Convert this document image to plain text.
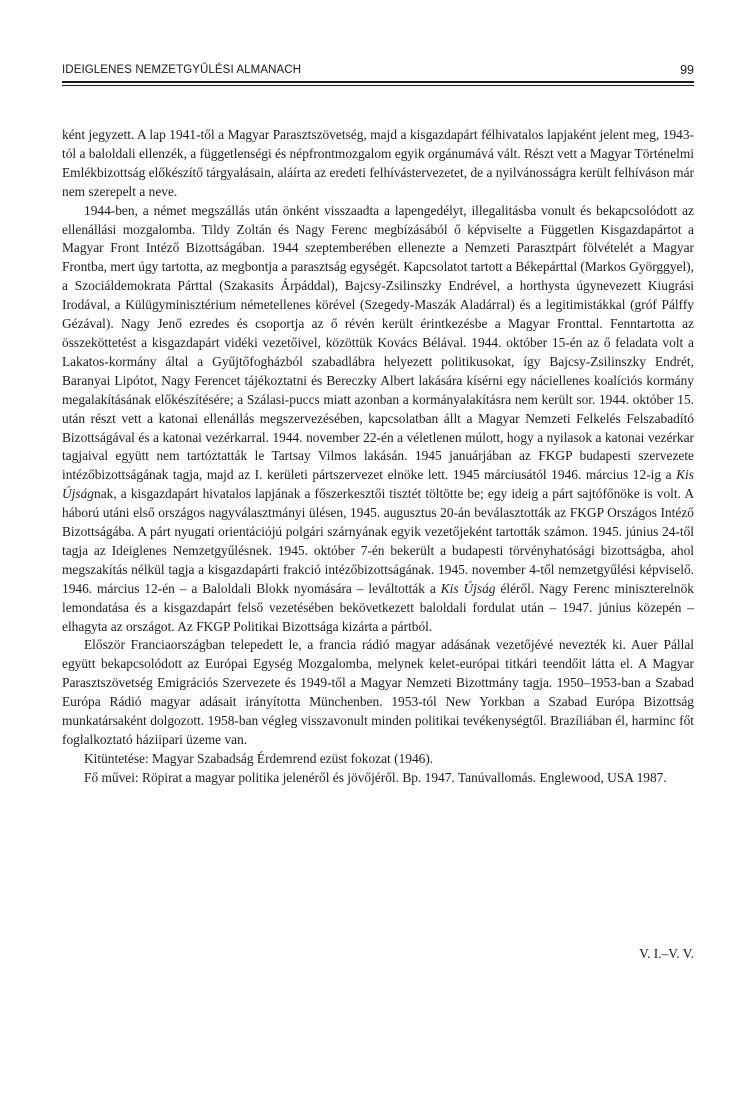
IDEIGLENES NEMZETGYŰLÉSI ALMANACH	99

ként jegyzett. A lap 1941-től a Magyar Parasztszövetség, majd a kisgazdapárt félhivatalos lapjaként jelent meg, 1943-tól a baloldali ellenzék, a függetlenségi és népfrontmozgalom egyik orgánumává vált. Részt vett a Magyar Történelmi Emlékbizottság előkészítő tárgyalásain, aláírta az eredeti felhívástervezetet, de a nyilvánosságra került felhíváson már nem szerepelt a neve.

1944-ben, a német megszállás után önként visszaadta a lapengedélyt, illegalitásba vonult és bekapcsolódott az ellenállási mozgalomba. Tildy Zoltán és Nagy Ferenc megbízásából ő képviselte a Független Kisgazdapártot a Magyar Front Intéző Bizottságában. 1944 szeptemberében ellenezte a Nemzeti Parasztpárt fölvételét a Magyar Frontba, mert úgy tartotta, az megbontja a parasztság egységét. Kapcsolatot tartott a Békepárttal (Markos Györggyel), a Szociáldemokrata Párttal (Szakasits Árpáddal), Bajcsy-Zsilinszky Endrével, a horthysta úgynevezett Kiugrási Irodával, a Külügyminisztérium németellenes körével (Szegedy-Maszák Aladárral) és a legitimistákkal (gróf Pálffy Gézával). Nagy Jenő ezredes és csoportja az ő révén került érintkezésbe a Magyar Fronttal. Fenntartotta az összeköttetést a kisgazdapárt vidéki vezetőivel, közöttük Kovács Bélával. 1944. október 15-én az ő feladata volt a Lakatos-kormány által a Gyűjtőfogházból szabadlábra helyezett politikusokat, így Bajcsy-Zsilinszky Endrét, Baranyai Lipótot, Nagy Ferencet tájékoztatni és Bereczky Albert lakására kísérni egy náciellenes koalíciós kormány megalakításának előkészítésére; a Szálasi-puccs miatt azonban a kormányalakításra nem került sor. 1944. október 15. után részt vett a katonai ellenállás megszervezésében, kapcsolatban állt a Magyar Nemzeti Felkelés Felszabadító Bizottságával és a katonai vezérkarral. 1944. november 22-én a véletlenen múlott, hogy a nyilasok a katonai vezérkar tagjaival együtt nem tartóztatták le Tartsay Vilmos lakásán. 1945 januárjában az FKGP budapesti szervezete intézőbizottságának tagja, majd az I. kerületi pártszervezet elnöke lett. 1945 márciusától 1946. március 12-ig a Kis Újságnak, a kisgazdapárt hivatalos lapjának a főszerkesztői tisztét töltötte be; egy ideig a párt sajtófőnöke is volt. A háború utáni első országos nagyválasztmányi ülésen, 1945. augusztus 20-án beválasztották az FKGP Országos Intéző Bizottságába. A párt nyugati orientációjú polgári szárnyának egyik vezetőjeként tartották számon. 1945. június 24-től tagja az Ideiglenes Nemzetgyűlésnek. 1945. október 7-én bekerült a budapesti törvényhatósági bizottságba, ahol megszakítás nélkül tagja a kisgazdapárti frakció intézőbizottságának. 1945. november 4-től nemzetgyűlési képviselő. 1946. március 12-én – a Baloldali Blokk nyomására – leváltották a Kis Újság éléről. Nagy Ferenc miniszterelnök lemondatása és a kisgazdapárt felső vezetésében bekövetkezett baloldali fordulat után – 1947. június közepén – elhagyta az országot. Az FKGP Politikai Bizottsága kizárta a pártból.

Először Franciaországban telepedett le, a francia rádió magyar adásának vezetőjévé nevezték ki. Auer Pállal együtt bekapcsolódott az Európai Egység Mozgalomba, melynek kelet-európai titkári teendőit látta el. A Magyar Parasztszövetség Emigrációs Szervezete és 1949-től a Magyar Nemzeti Bizottmány tagja. 1950–1953-ban a Szabad Európa Rádió magyar adásait irányította Münchenben. 1953-tól New Yorkban a Szabad Európa Bizottság munkatársaként dolgozott. 1958-ban végleg visszavonult minden politikai tevékenységtől. Brazíliában él, harminc főt foglalkoztató háziipari üzeme van.

Kitüntetése: Magyar Szabadság Érdemrend ezüst fokozat (1946).

Fő művei: Röpirat a magyar politika jelenéről és jövőjéről. Bp. 1947. Tanúvallomás. Englewood, USA 1987.

V. I.–V. V.
